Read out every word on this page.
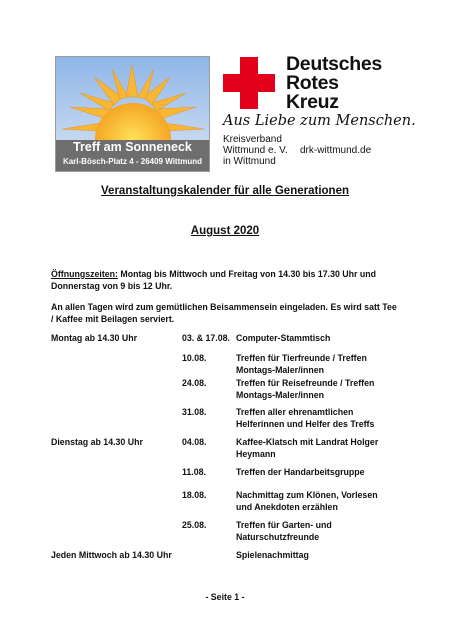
Treff am Sonneneck
Karl-Bösch-Platz 4 - 26409 Wittmund
Deutsches
Rotes
Kreuz
Aus Liebe zum Menschen.
Kreisverband
Wittmund e. V.
in Wittmund
drk-wittmund.de
Veranstaltungskalender für alle Generationen
August 2020
Öffnungszeiten: Montag bis Mittwoch und Freitag von 14.30 bis 17.30 Uhr und Donnerstag von 9 bis 12 Uhr.
An allen Tagen wird zum gemütlichen Beisammensein eingeladen. Es wird satt Tee / Kaffee mit Beilagen serviert.
Montag ab 14.30 Uhr	03. & 17.08. Computer-Stammtisch
10.08.	Treffen für Tierfreunde / Treffen Montags-Maler/innen
24.08.	Treffen für Reisefreunde / Treffen Montags-Maler/innen
31.08.	Treffen aller ehrenamtlichen Helferinnen und Helfer des Treffs
Dienstag ab 14.30 Uhr	04.08.	Kaffee-Klatsch mit Landrat Holger Heymann
11.08.	Treffen der Handarbeitsgruppe
18.08.	Nachmittag zum Klönen, Vorlesen und Anekdoten erzählen
25.08.	Treffen für Garten- und Naturschutzfreunde
Jeden Mittwoch ab 14.30 Uhr	Spielenachmittag
- Seite 1 -
